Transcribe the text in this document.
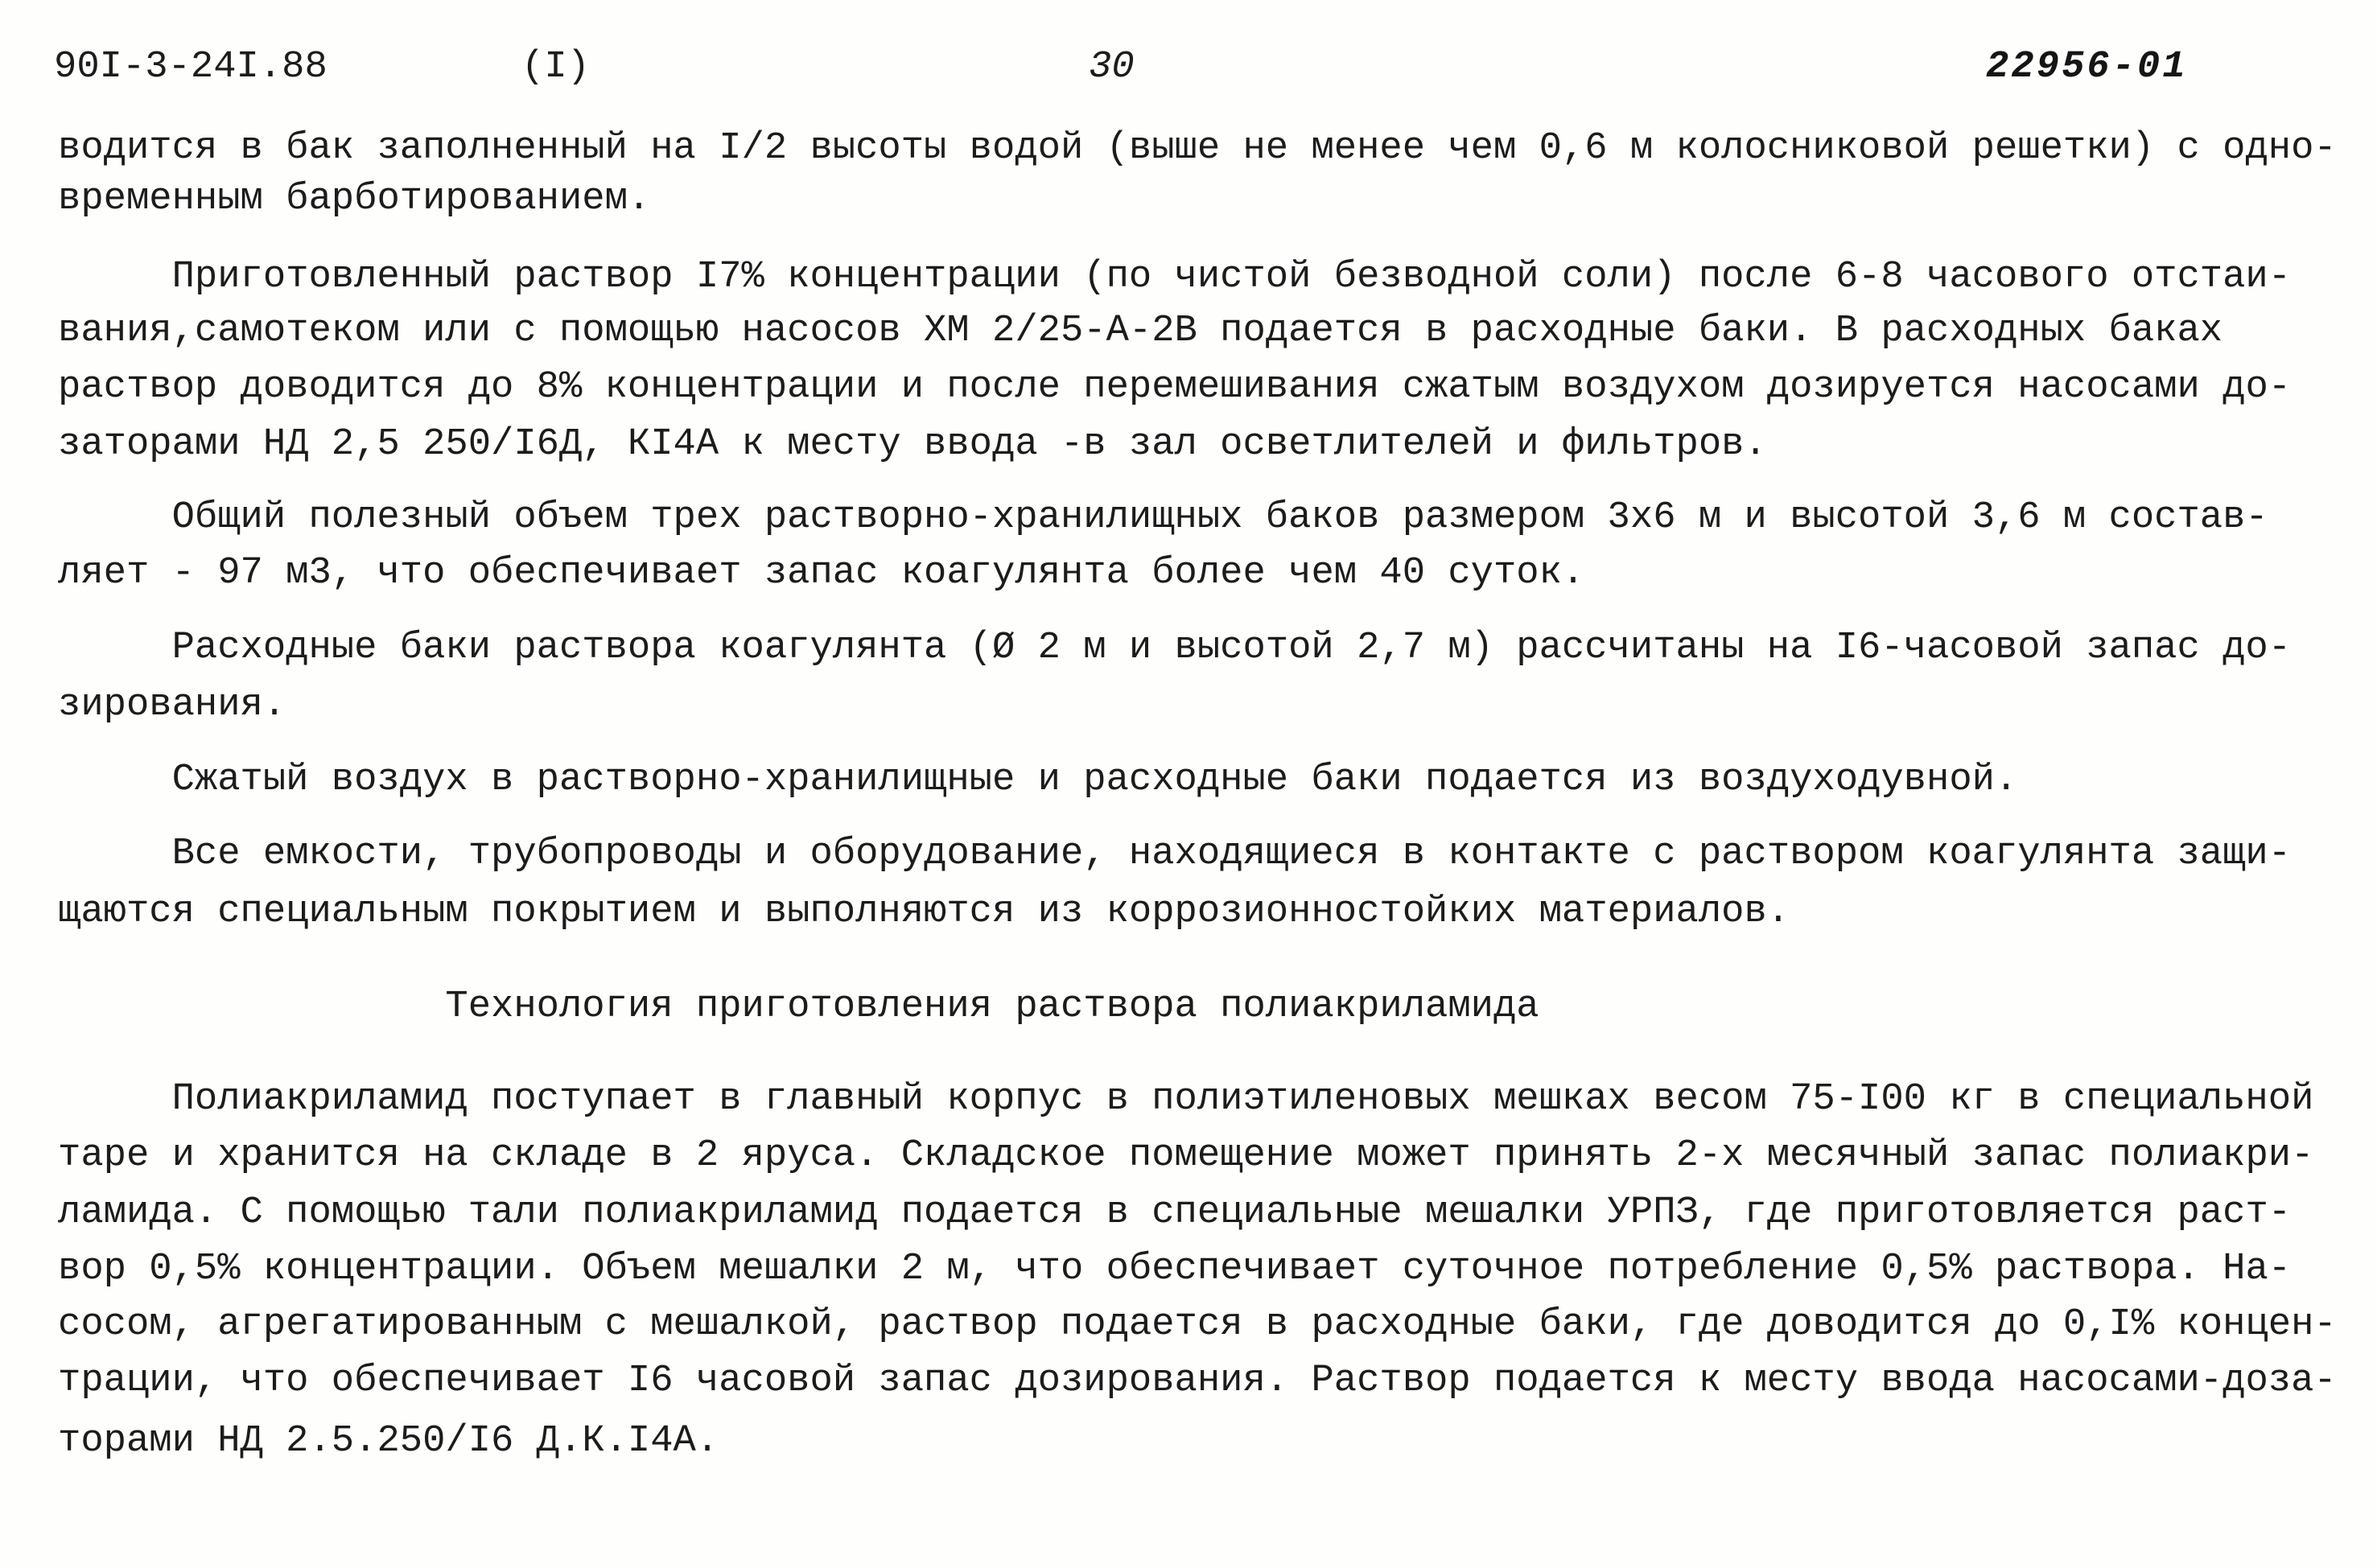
90I-3-24I.88	(I)	30	22956-01
водится в бак заполненный на I/2 высоты водой (выше не менее чем 0,6 м колосниковой решетки) с одно-
временным барботированием.
Приготовленный раствор I7% концентрации (по чистой безводной соли) после 6-8 часового отстаи-
вания,самотеком или с помощью насосов ХМ 2/25-А-2В подается в расходные баки. В расходных баках
раствор доводится до 8% концентрации и после перемешивания сжатым воздухом дозируется насосами до-
заторами НД 2,5 250/I6Д, КI4А к месту ввода -в зал осветлителей и фильтров.
Общий полезный объем трех растворно-хранилищных баков размером 3х6 м и высотой 3,6 м состав-
ляет - 97 м3, что обеспечивает запас коагулянта более чем 40 суток.
Расходные баки раствора коагулянта (Ø 2 м и высотой 2,7 м) рассчитаны на I6-часовой запас до-
зирования.
Сжатый воздух в растворно-хранилищные и расходные баки подается из воздуходувной.
Все емкости, трубопроводы и оборудование, находящиеся в контакте с раствором коагулянта защи-
щаются специальным покрытием и выполняются из коррозионностойких материалов.
Технология приготовления раствора полиакриламида
Полиакриламид поступает в главный корпус в полиэтиленовых мешках весом 75-I00 кг в специальной
таре и хранится на складе в 2 яруса. Складское помещение может принять 2-х месячный запас полиакри-
ламида. С помощью тали полиакриламид подается в специальные мешалки УРПЗ, где приготовляется раст-
вор 0,5% концентрации. Объем мешалки 2 м, что обеспечивает суточное потребление 0,5% раствора. На-
сосом, агрегатированным с мешалкой, раствор подается в расходные баки, где доводится до 0,I% концен-
трации, что обеспечивает I6 часовой запас дозирования. Раствор подается к месту ввода насосами-доза-
торами НД 2.5.250/I6 Д.К.I4А.
